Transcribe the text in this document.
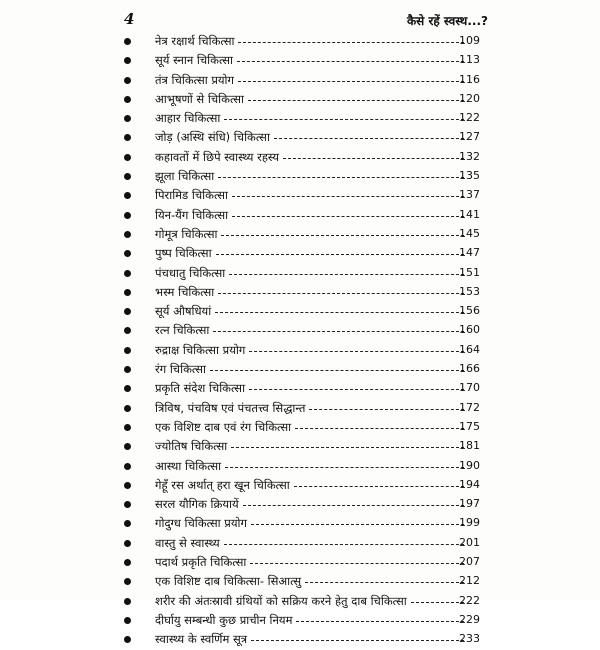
4	कैसे रहें स्वस्थ...?
नेत्र रक्षार्थ चिकित्सा	109
सूर्य स्नान चिकित्सा	113
तंत्र चिकित्सा प्रयोग	116
आभूषणों से चिकित्सा	120
आहार चिकित्सा	122
जोड़ (अस्थि संधि) चिकित्सा	127
कहावतों में छिपे स्वास्थ्य रहस्य	132
झूला चिकित्सा	135
पिरामिड चिकित्सा	137
यिन-यैंग चिकित्सा	141
गोमूत्र चिकित्सा	145
पुष्प चिकित्सा	147
पंचधातु चिकित्सा	151
भस्म चिकित्सा	153
सूर्य औषधियां	156
रत्न चिकित्सा	160
रुद्राक्ष चिकित्सा प्रयोग	164
रंग चिकित्सा	166
प्रकृति संदेश चिकित्सा	170
त्रिविष, पंचविष एवं पंचतत्त्व सिद्धान्त	172
एक विशिष्ट दाब एवं रंग चिकित्सा	175
ज्योतिष चिकित्सा	181
आस्था चिकित्सा	190
गेहूँ रस अर्थात् हरा खून चिकित्सा	194
सरल यौगिक क्रियायें	197
गोदुग्ध चिकित्सा प्रयोग	199
वास्तु से स्वास्थ्य	201
पदार्थ प्रकृति चिकित्सा	207
एक विशिष्ट दाब चिकित्सा- सिआत्सु	212
शरीर की अंतःस्रावी ग्रंथियों को सक्रिय करने हेतु दाब चिकित्सा	222
दीर्घायु सम्बन्धी कुछ प्राचीन नियम	229
स्वास्थ्य के स्वर्णिम सूत्र	233
